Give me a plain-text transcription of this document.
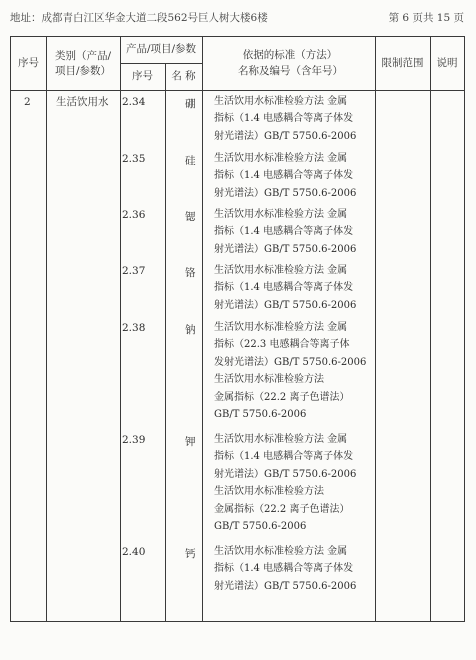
地址：成都青白江区华金大道二段562号巨人树大楼6楼	第 6 页共 15 页
序号
类别（产品/项目/参数）
产品/项目/参数
序号	名 称
依据的标准（方法）名称及编号（含年号）
限制范围	说明
2 生活饮用水 2.34	硼 生活饮用水标准检验方法 金属
指标（1.4 电感耦合等离子体发
射光谱法）GB/T 5750.6-2006
2.35	硅 生活饮用水标准检验方法 金属
指标（1.4 电感耦合等离子体发
射光谱法）GB/T 5750.6-2006
2.36	锶 生活饮用水标准检验方法 金属
指标（1.4 电感耦合等离子体发
射光谱法）GB/T 5750.6-2006
2.37	铬 生活饮用水标准检验方法 金属
指标（1.4 电感耦合等离子体发
射光谱法）GB/T 5750.6-2006
2.38	钠 生活饮用水标准检验方法 金属
指标（22.3 电感耦合等离子体
发射光谱法）GB/T 5750.6-2006
生活饮用水标准检验方法
金属指标（22.2 离子色谱法）
GB/T 5750.6-2006
2.39	钾 生活饮用水标准检验方法 金属
指标（1.4 电感耦合等离子体发
射光谱法）GB/T 5750.6-2006
生活饮用水标准检验方法
金属指标（22.2 离子色谱法）
GB/T 5750.6-2006
2.40	钙 生活饮用水标准检验方法 金属
指标（1.4 电感耦合等离子体发
射光谱法）GB/T 5750.6-2006
